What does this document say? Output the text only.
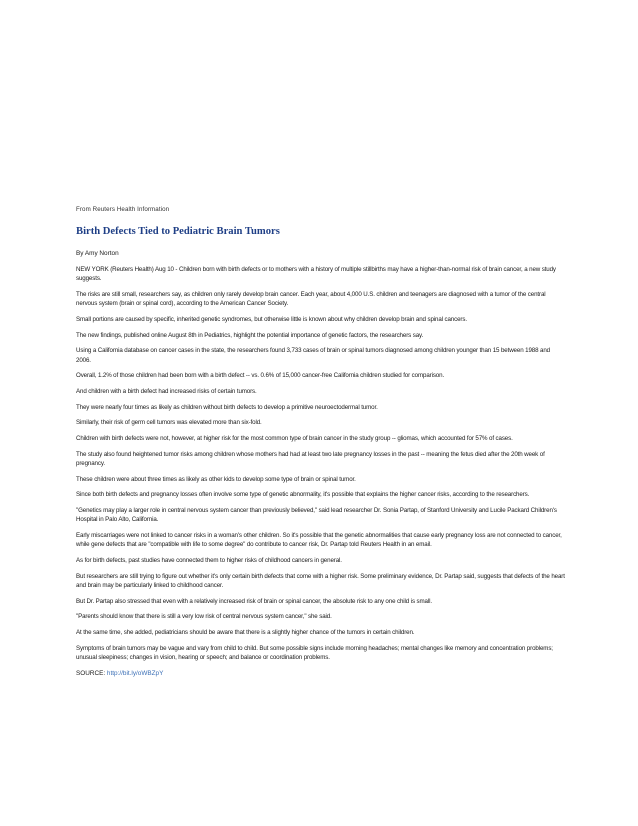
From Reuters Health Information
Birth Defects Tied to Pediatric Brain Tumors
By Amy Norton

NEW YORK (Reuters Health) Aug 10 - Children born with birth defects or to mothers with a history of multiple stillbirths may have a higher-than-normal risk of brain cancer, a new study suggests.

The risks are still small, researchers say, as children only rarely develop brain cancer. Each year, about 4,000 U.S. children and teenagers are diagnosed with a tumor of the central nervous system (brain or spinal cord), according to the American Cancer Society.

Small portions are caused by specific, inherited genetic syndromes, but otherwise little is known about why children develop brain and spinal cancers.

The new findings, published online August 8th in Pediatrics, highlight the potential importance of genetic factors, the researchers say.

Using a California database on cancer cases in the state, the researchers found 3,733 cases of brain or spinal tumors diagnosed among children younger than 15 between 1988 and 2006.

Overall, 1.2% of those children had been born with a birth defect -- vs. 0.6% of 15,000 cancer-free California children studied for comparison.

And children with a birth defect had increased risks of certain tumors.

They were nearly four times as likely as children without birth defects to develop a primitive neuroectodermal tumor.

Similarly, their risk of germ cell tumors was elevated more than six-fold.

Children with birth defects were not, however, at higher risk for the most common type of brain cancer in the study group -- gliomas, which accounted for 57% of cases.

The study also found heightened tumor risks among children whose mothers had had at least two late pregnancy losses in the past -- meaning the fetus died after the 20th week of pregnancy.

These children were about three times as likely as other kids to develop some type of brain or spinal tumor.

Since both birth defects and pregnancy losses often involve some type of genetic abnormality, it's possible that explains the higher cancer risks, according to the researchers.

"Genetics may play a larger role in central nervous system cancer than previously believed," said lead researcher Dr. Sonia Partap, of Stanford University and Lucile Packard Children's Hospital in Palo Alto, California.

Early miscarriages were not linked to cancer risks in a woman's other children. So it's possible that the genetic abnormalities that cause early pregnancy loss are not connected to cancer, while gene defects that are "compatible with life to some degree" do contribute to cancer risk, Dr. Partap told Reuters Health in an email.

As for birth defects, past studies have connected them to higher risks of childhood cancers in general.

But researchers are still trying to figure out whether it's only certain birth defects that come with a higher risk. Some preliminary evidence, Dr. Partap said, suggests that defects of the heart and brain may be particularly linked to childhood cancer.

But Dr. Partap also stressed that even with a relatively increased risk of brain or spinal cancer, the absolute risk to any one child is small.

"Parents should know that there is still a very low risk of central nervous system cancer," she said.

At the same time, she added, pediatricians should be aware that there is a slightly higher chance of the tumors in certain children.

Symptoms of brain tumors may be vague and vary from child to child. But some possible signs include morning headaches; mental changes like memory and concentration problems; unusual sleepiness; changes in vision, hearing or speech; and balance or coordination problems.

SOURCE: http://bit.ly/oWBZpY
